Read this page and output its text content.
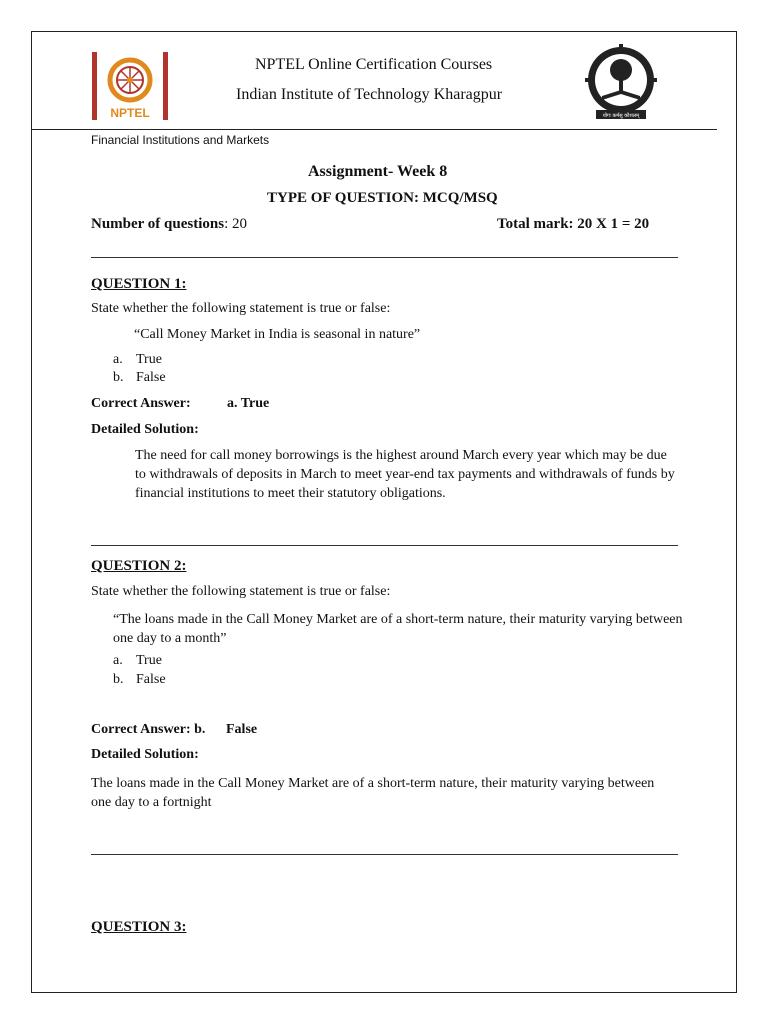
NPTEL
NPTEL Online Certification Courses
Indian Institute of Technology Kharagpur
योगः कर्मसु कौशलम्
Financial Institutions and Markets
Assignment- Week 8
TYPE OF QUESTION: MCQ/MSQ
Number of questions: 20	Total mark: 20 X 1 = 20
QUESTION 1:
State whether the following statement is true or false:
“Call Money Market in India is seasonal in nature”
a. True
b. False
Correct Answer:	a. True
Detailed Solution:
The need for call money borrowings is the highest around March every year which may be due to withdrawals of deposits in March to meet year-end tax payments and withdrawals of funds by financial institutions to meet their statutory obligations.
QUESTION 2:
State whether the following statement is true or false:
“The loans made in the Call Money Market are of a short-term nature, their maturity varying between one day to a month”
a. True
b. False
Correct Answer: b. False
Detailed Solution:
The loans made in the Call Money Market are of a short-term nature, their maturity varying between one day to a fortnight
QUESTION 3:
